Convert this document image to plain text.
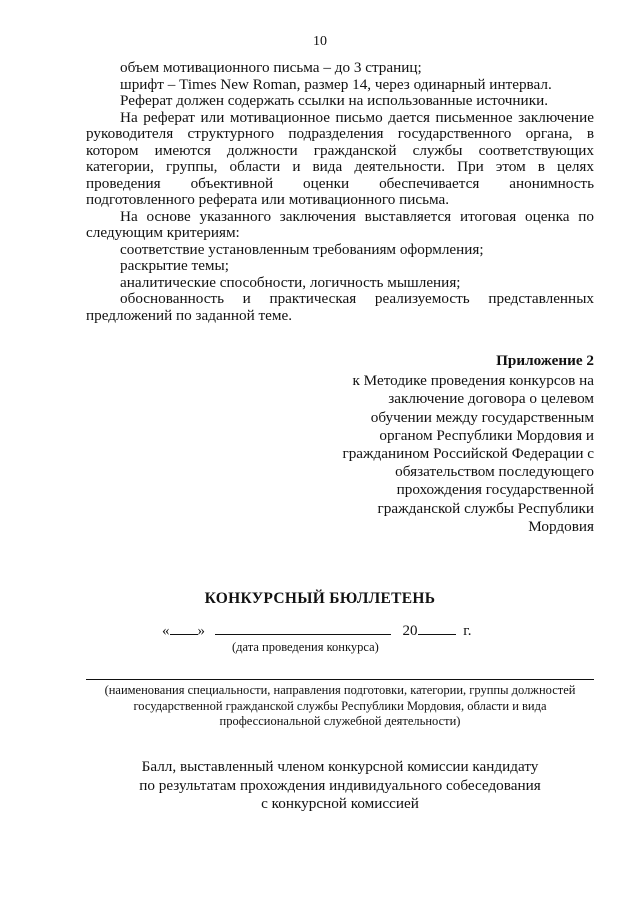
10

объем мотивационного письма – до 3 страниц;

шрифт – Times New Roman, размер 14, через одинарный интервал.

Реферат должен содержать ссылки на использованные источники.

На реферат или мотивационное письмо дается письменное заключение

руководителя структурного подразделения государственного органа, в

котором имеются должности гражданской службы соответствующих

категории, группы, области и вида деятельности. При этом в целях

проведения объективной оценки обеспечивается анонимность

подготовленного реферата или мотивационного письма.

На основе указанного заключения выставляется итоговая оценка по

следующим критериям:

соответствие установленным требованиям оформления;

раскрытие темы;

аналитические способности, логичность мышления;

обоснованность и практическая реализуемость представленных

предложений по заданной теме.

Приложение 2

к Методике проведения конкурсов на

заключение договора о целевом

обучении между государственным

органом Республики Мордовия и

гражданином Российской Федерации с

обязательством последующего

прохождения государственной

гражданской службы Республики

Мордовия

КОНКУРСНЫЙ БЮЛЛЕТЕНЬ
« »	20	г.
(дата проведения конкурса)
(наименования специальности, направления подготовки, категории, группы должностей
государственной гражданской службы Республики Мордовия, области и вида
профессиональной служебной деятельности)

Балл, выставленный членом конкурсной комиссии кандидату

по результатам прохождения индивидуального собеседования

с конкурсной комиссией
